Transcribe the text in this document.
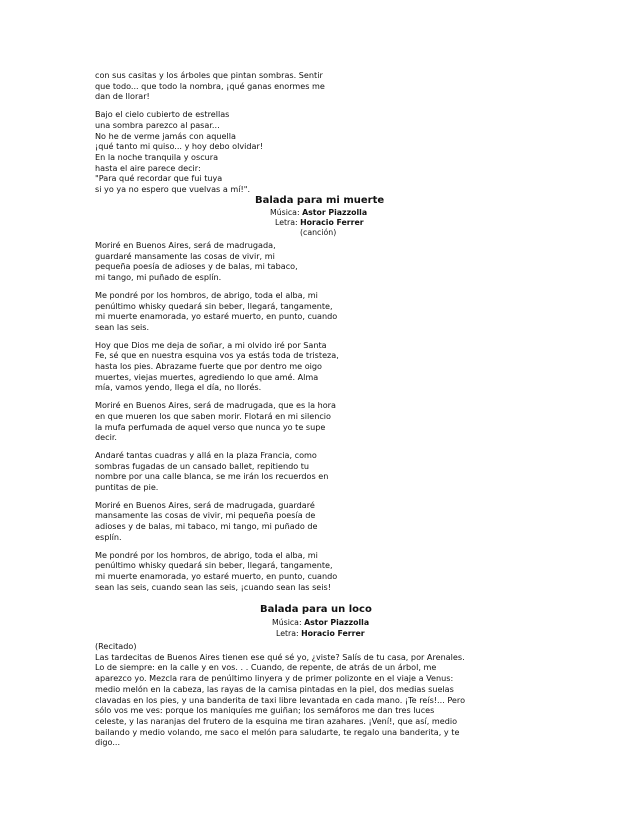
con sus casitas y los árboles que pintan sombras. Sentir
que todo... que todo la nombra, ¡qué ganas enormes me
dan de llorar!

Bajo el cielo cubierto de estrellas
una sombra parezco al pasar...
No he de verme jamás con aquella
¡qué tanto mi quiso... y hoy debo olvidar!
En la noche tranquila y oscura
hasta el aire parece decir:
"Para qué recordar que fui tuya
si yo ya no espero que vuelvas a mí!".

Balada para mi muerte
Música: Astor Piazzolla
Letra: Horacio Ferrer
(canción)

Moriré en Buenos Aires, será de madrugada,
guardaré mansamente las cosas de vivir, mi
pequeña poesía de adioses y de balas, mi tabaco,
mi tango, mi puñado de esplín.

Me pondré por los hombros, de abrigo, toda el alba, mi
penúltimo whisky quedará sin beber, llegará, tangamente,
mi muerte enamorada, yo estaré muerto, en punto, cuando
sean las seis.

Hoy que Dios me deja de soñar, a mi olvido iré por Santa
Fe, sé que en nuestra esquina vos ya estás toda de tristeza,
hasta los pies. Abrazame fuerte que por dentro me oigo
muertes, viejas muertes, agrediendo lo que amé. Alma
mía, vamos yendo, llega el día, no llorés.

Moriré en Buenos Aires, será de madrugada, que es la hora
en que mueren los que saben morir. Flotará en mi silencio
la mufa perfumada de aquel verso que nunca yo te supe
decir.

Andaré tantas cuadras y allá en la plaza Francia, como
sombras fugadas de un cansado ballet, repitiendo tu
nombre por una calle blanca, se me irán los recuerdos en
puntitas de pie.

Moriré en Buenos Aires, será de madrugada, guardaré
mansamente las cosas de vivir, mi pequeña poesía de
adioses y de balas, mi tabaco, mi tango, mi puñado de
esplín.

Me pondré por los hombros, de abrigo, toda el alba, mi
penúltimo whisky quedará sin beber, llegará, tangamente,
mi muerte enamorada, yo estaré muerto, en punto, cuando
sean las seis, cuando sean las seis, ¡cuando sean las seis!

Balada para un loco
Música: Astor Piazzolla
Letra: Horacio Ferrer

(Recitado)
Las tardecitas de Buenos Aires tienen ese qué sé yo, ¿viste? Salís de tu casa, por Arenales.
Lo de siempre: en la calle y en vos. . . Cuando, de repente, de atrás de un árbol, me
aparezco yo. Mezcla rara de penúltimo linyera y de primer polizonte en el viaje a Venus:
medio melón en la cabeza, las rayas de la camisa pintadas en la piel, dos medias suelas
clavadas en los pies, y una banderita de taxi libre levantada en cada mano. ¡Te reís!... Pero
sólo vos me ves: porque los maniquíes me guiñan; los semáforos me dan tres luces
celeste, y las naranjas del frutero de la esquina me tiran azahares. ¡Vení!, que así, medio
bailando y medio volando, me saco el melón para saludarte, te regalo una banderita, y te
digo...
